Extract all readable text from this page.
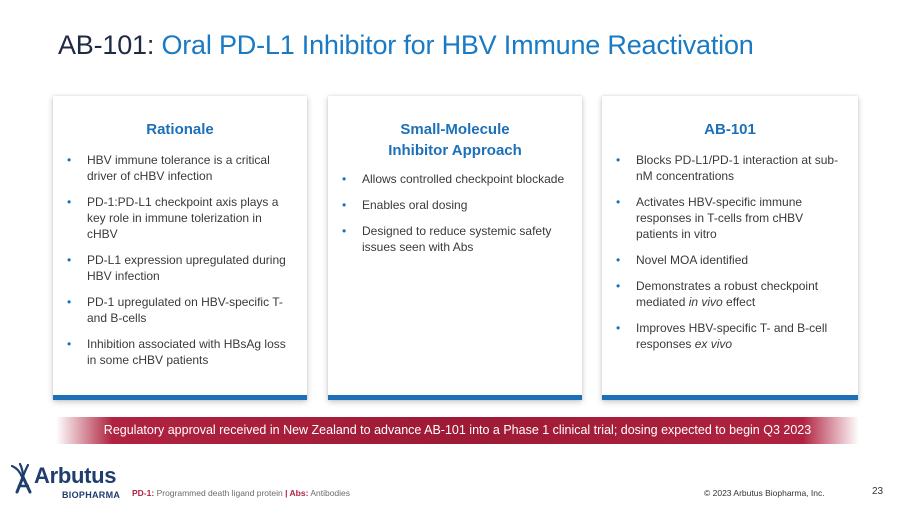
AB-101: Oral PD-L1 Inhibitor for HBV Immune Reactivation
Rationale
• HBV immune tolerance is a critical driver of cHBV infection
• PD-1:PD-L1 checkpoint axis plays a key role in immune tolerization in cHBV
• PD-L1 expression upregulated during HBV infection
• PD-1 upregulated on HBV-specific T- and B-cells
• Inhibition associated with HBsAg loss in some cHBV patients
Small-Molecule
Inhibitor Approach
• Allows controlled checkpoint blockade
• Enables oral dosing
• Designed to reduce systemic safety issues seen with Abs
AB-101
• Blocks PD-L1/PD-1 interaction at sub-nM concentrations
• Activates HBV-specific immune responses in T-cells from cHBV patients in vitro
• Novel MOA identified
• Demonstrates a robust checkpoint mediated in vivo effect
• Improves HBV-specific T- and B-cell responses ex vivo
Regulatory approval received in New Zealand to advance AB-101 into a Phase 1 clinical trial; dosing expected to begin Q3 2023
Arbutus
BIOPHARMA PD-1: Programmed death ligand protein | Abs: Antibodies	© 2023 Arbutus Biopharma, Inc.	23
